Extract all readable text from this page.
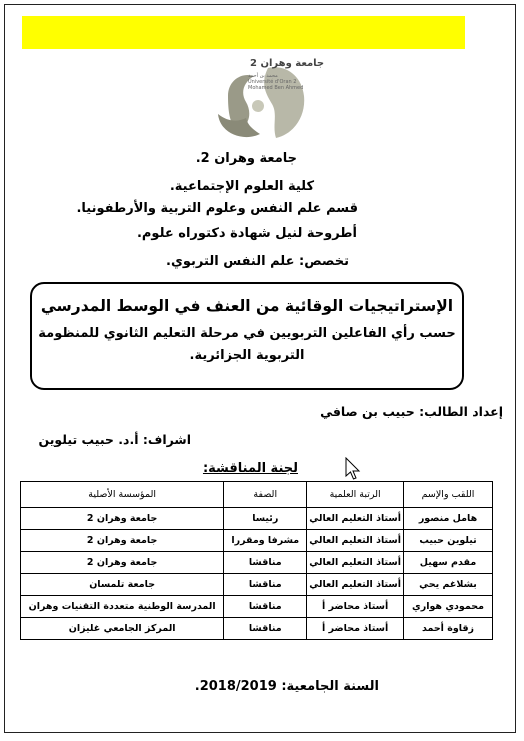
جامعة وهران 2
محمد بن أحمد
Université d'Oran 2
Mohamed Ben Ahmed
جامعة وهران 2.
كلية العلوم الإجتماعية.
قسم علم النفس وعلوم التربية والأرطفونيا.
أطروحة لنيل شهادة دكتوراه علوم.
تخصص: علم النفس التربوي.
الإستراتيجيات الوقائية من العنف في الوسط المدرسي
حسب رأي الفاعلين التربويين في مرحلة التعليم الثانوي للمنظومة التربوية الجزائرية.
إعداد الطالب: حبيب بن صافي
اشراف: أ.د. حبيب تيلوين
لجنة المناقشة:
اللقب والإسم	الرتبة العلمية	الصفة	المؤسسة الأصلية
هامل منصور	أستاذ التعليم العالي	رئيسا	جامعة وهران 2
تيلوين حبيب	أستاذ التعليم العالي	مشرفا ومقررا	جامعة وهران 2
مقدم سهيل	أستاذ التعليم العالي	مناقشا	جامعة وهران 2
بشلاغم يحي	أستاذ التعليم العالي	مناقشا	جامعة تلمسان
محمودي هواري	أستاذ محاضر أ	مناقشا	المدرسة الوطنية متعددة التقنيات وهران
زقاوة أحمد	أستاذ محاضر أ	مناقشا	المركز الجامعي غليزان
السنة الجامعية: 2018/2019.
